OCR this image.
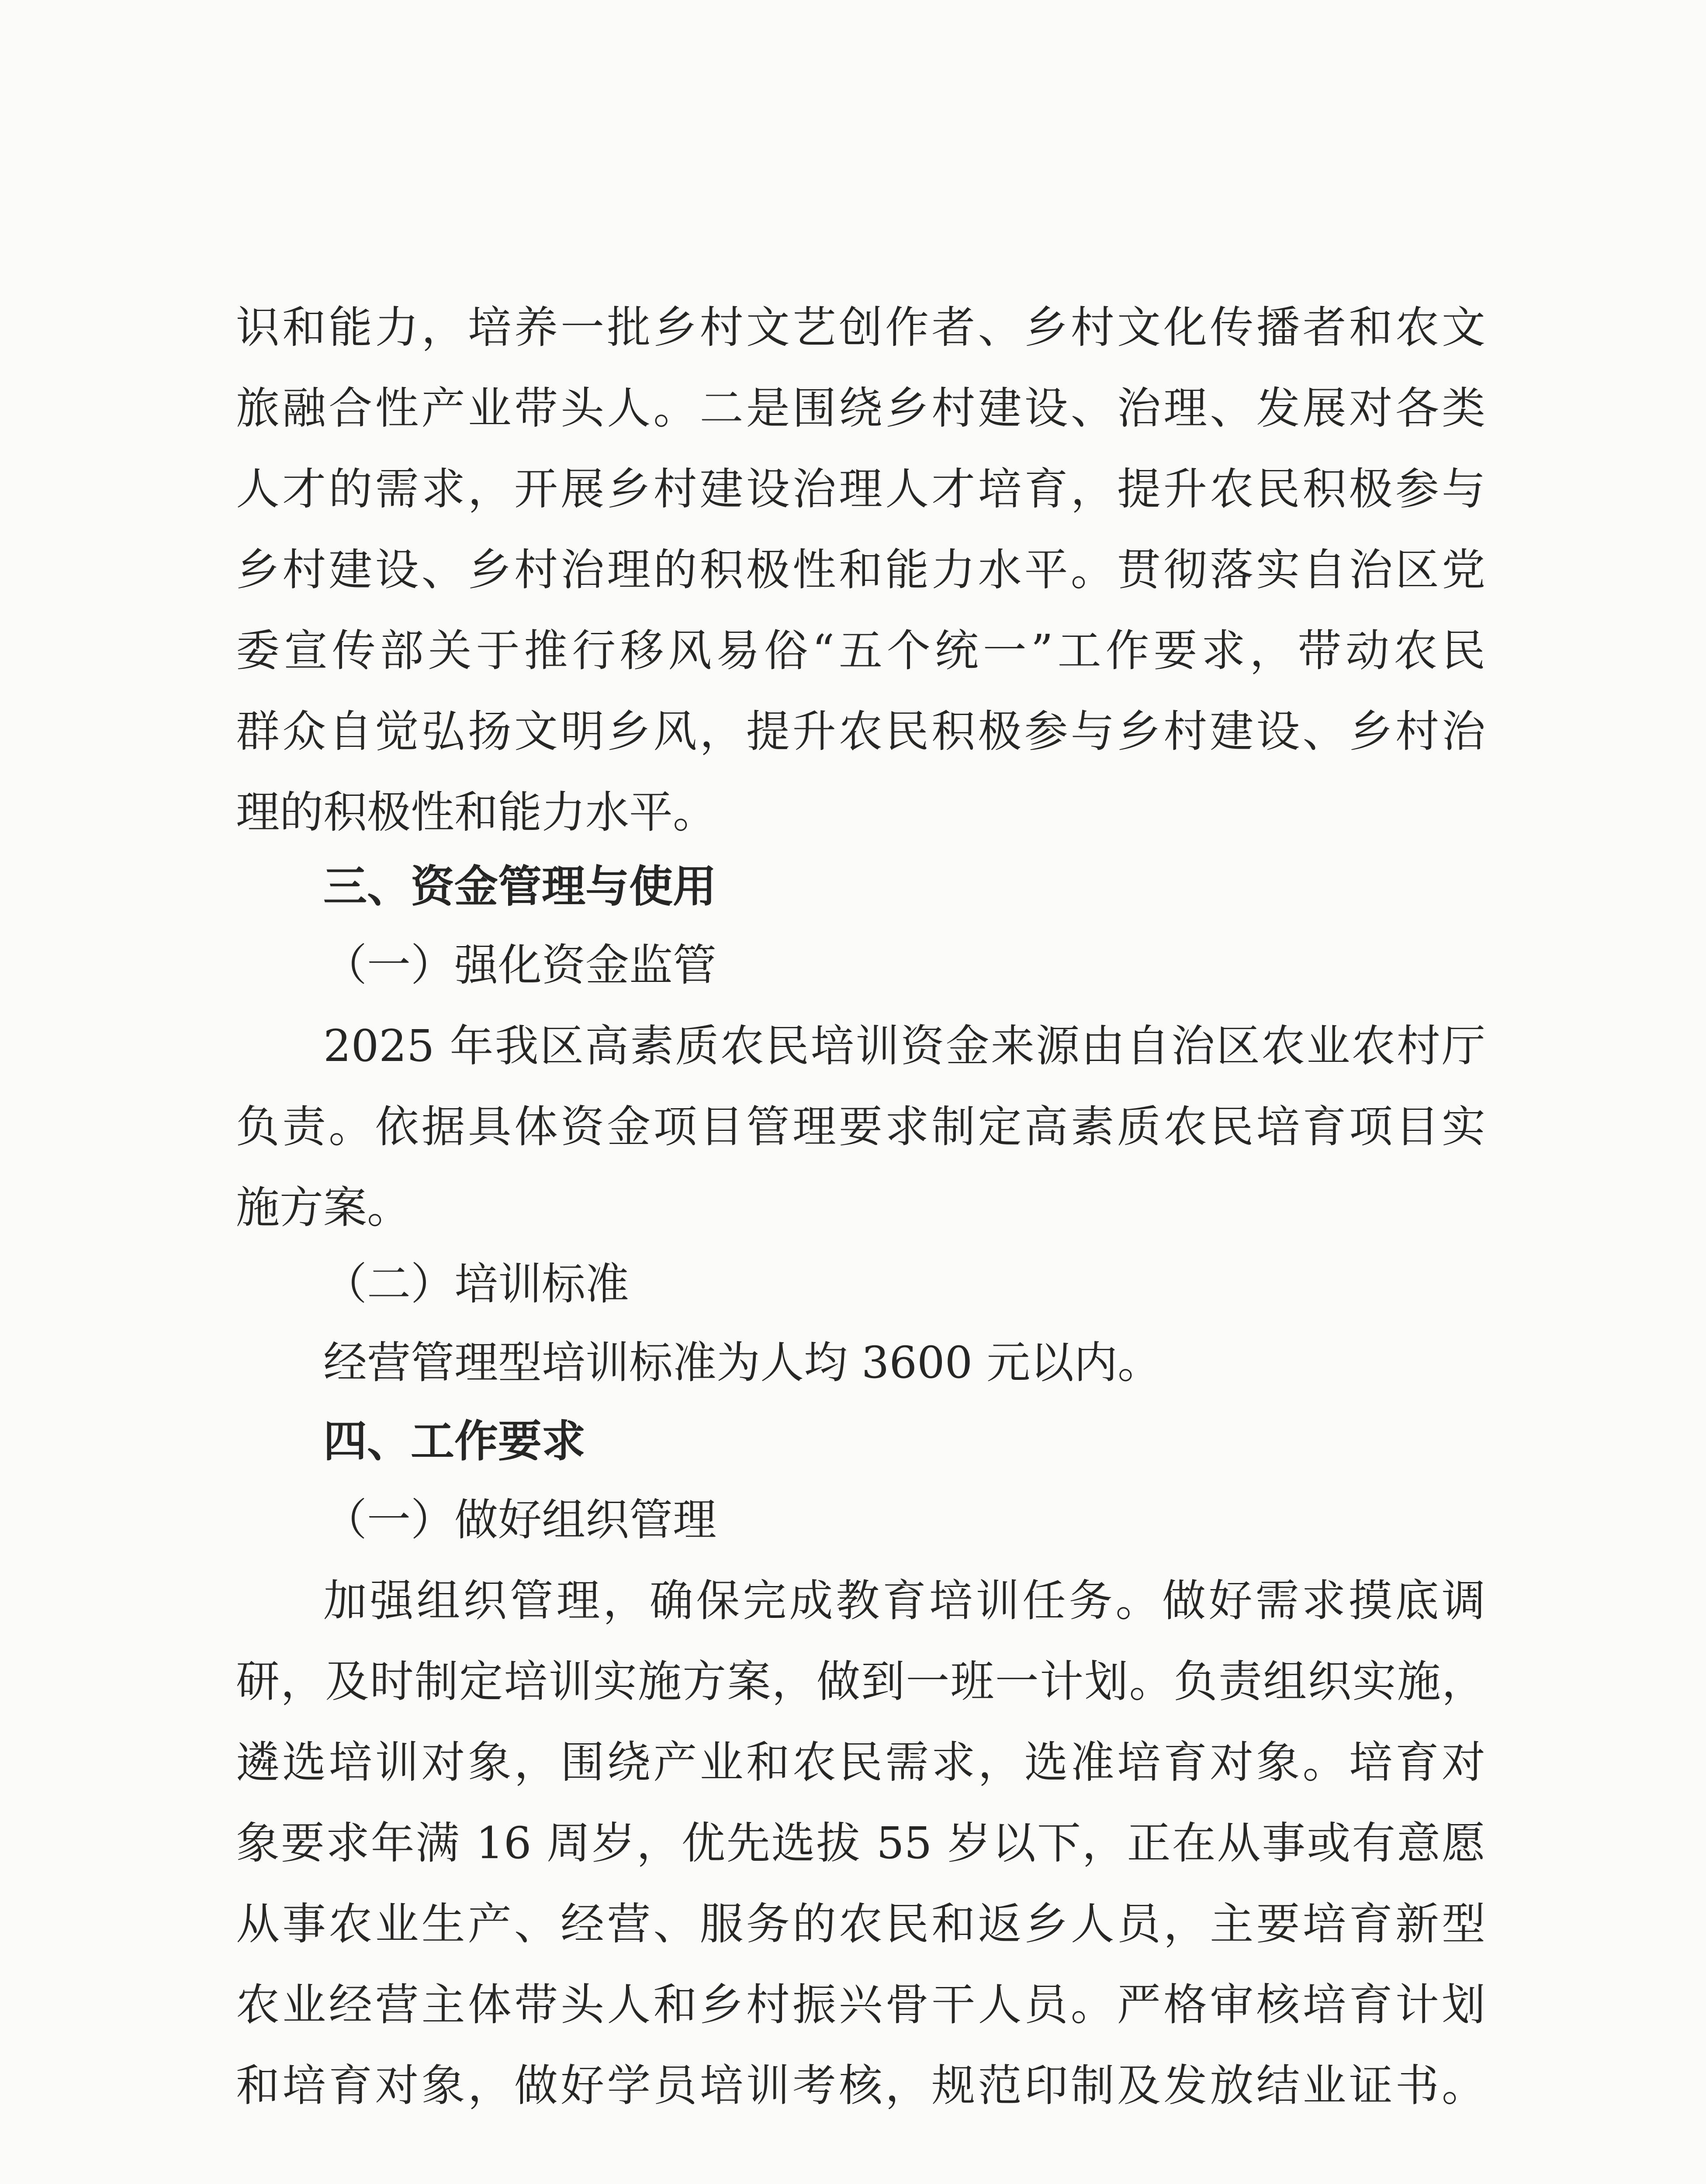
识和能力，培养一批乡村文艺创作者、乡村文化传播者和农文
旅融合性产业带头人。二是围绕乡村建设、治理、发展对各类
人才的需求，开展乡村建设治理人才培育，提升农民积极参与
乡村建设、乡村治理的积极性和能力水平。贯彻落实自治区党
委宣传部关于推行移风易俗“五个统一”工作要求，带动农民
群众自觉弘扬文明乡风，提升农民积极参与乡村建设、乡村治
理的积极性和能力水平。
三、资金管理与使用
（一）强化资金监管
2025 年我区高素质农民培训资金来源由自治区农业农村厅
负责。依据具体资金项目管理要求制定高素质农民培育项目实
施方案。
（二）培训标准
经营管理型培训标准为人均 3600 元以内。
四、工作要求
（一）做好组织管理
加强组织管理，确保完成教育培训任务。做好需求摸底调
研，及时制定培训实施方案，做到一班一计划。负责组织实施，
遴选培训对象，围绕产业和农民需求，选准培育对象。培育对
象要求年满 16 周岁，优先选拔 55 岁以下，正在从事或有意愿
从事农业生产、经营、服务的农民和返乡人员，主要培育新型
农业经营主体带头人和乡村振兴骨干人员。严格审核培育计划
和培育对象，做好学员培训考核，规范印制及发放结业证书。
